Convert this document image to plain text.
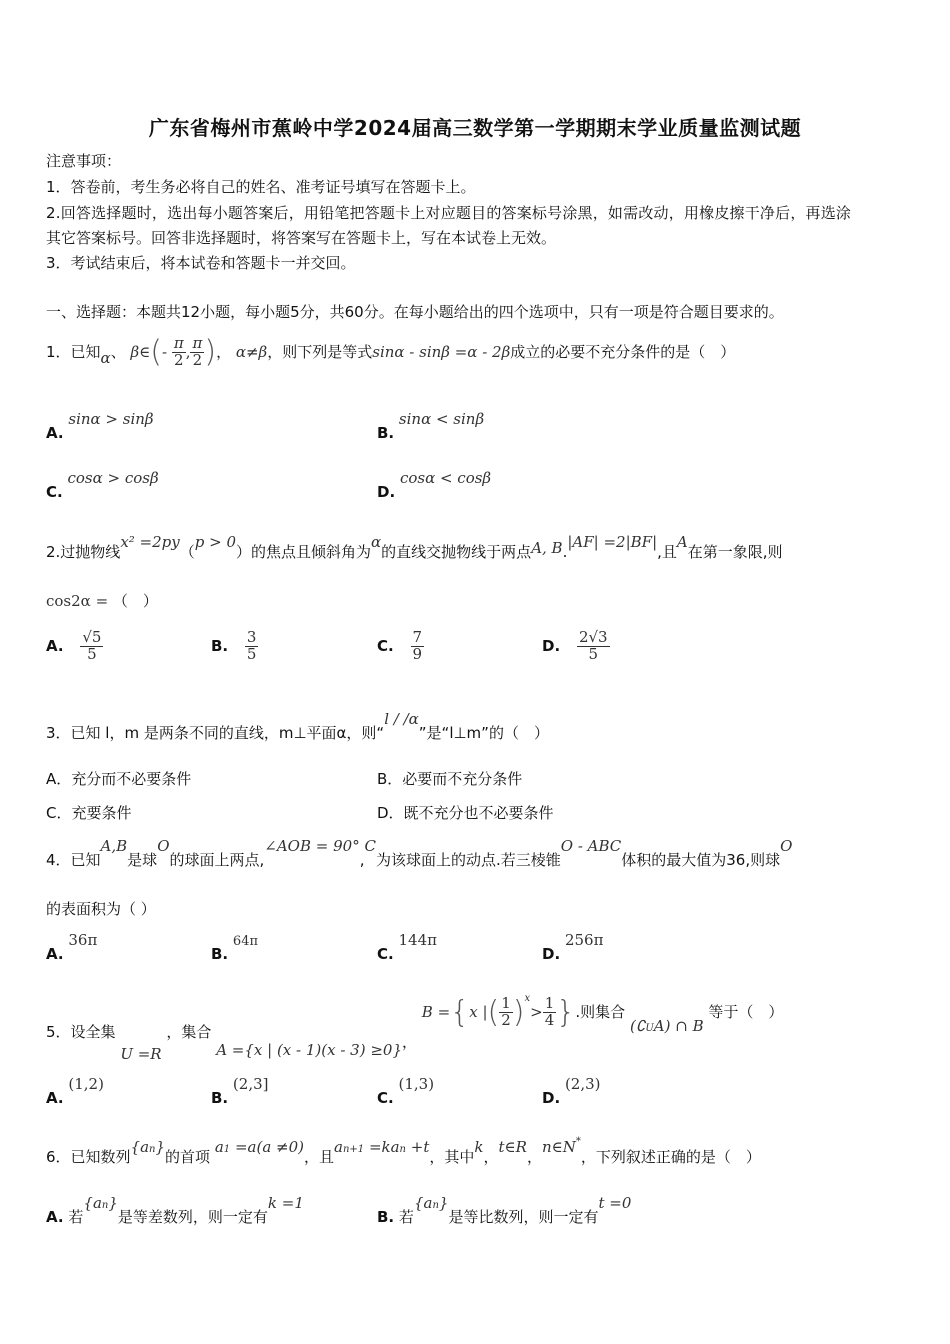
广东省梅州市蕉岭中学2024届高三数学第一学期期末学业质量监测试题
注意事项：
1．答卷前，考生务必将自己的姓名、准考证号填写在答题卡上。
2.回答选择题时，选出每小题答案后，用铅笔把答题卡上对应题目的答案标号涂黑，如需改动，用橡皮擦干净后，再选涂
其它答案标号。回答非选择题时，将答案写在答题卡上，写在本试卷上无效。
3．考试结束后，将本试卷和答题卡一并交回。
一、选择题：本题共12小题，每小题5分，共60分。在每小题给出的四个选项中，只有一项是符合题目要求的。
1．已知α、 β∈(- $\frac{\pi}{2}$ , $\frac{\pi}{2}$ )， α≠β，则下列是等式sinα - sinβ =α - 2β成立的必要不充分条件的是（　）
A. sinα > sinβ
B. sinα < sinβ
C. cosα > cosβ
D. cosα < cosβ
2.过抛物线x² =2py（p > 0）的焦点且倾斜角为α的直线交抛物线于两点A, B.|AF| =2|BF|,且A在第一象限,则
cos2α = （　）
A. $\frac{√5}{5}$	B. $\frac{3}{5}$	C. $\frac{7}{9}$	D. $\frac{2√3}{5}$
3．已知 l，m 是两条不同的直线，m⊥平面α，则“l / /α”是“l⊥m”的（　）
A．充分而不必要条件	B．必要而不充分条件
C．充要条件	D．既不充分也不必要条件
4．已知A,B是球O的球面上两点,∠AOB = 90°,C为该球面上的动点.若三棱锥O - ABC体积的最大值为36,则球O
的表面积为（ ）
A. 36π
B. 64π
C. 144π
D. 256π
5．设全集 U =R ，集合 A ={x | (x - 1)(x - 3) ≥0}， B ={x |( $\frac{1}{2} )^x> \frac{1}{4}$ }.则集合 (∁UA) ∩ B 等于（　）
A. (1,2)
B. (2,3]
C. (1,3)
D. (2,3)
6．已知数列{an}的首项 a1 =a(a ≠0)，且an+1 =kan +t，其中k，t∈R，n∈N*，下列叙述正确的是（　）
A. 若{an}是等差数列，则一定有k =1
B. 若{an}是等比数列，则一定有t =0
